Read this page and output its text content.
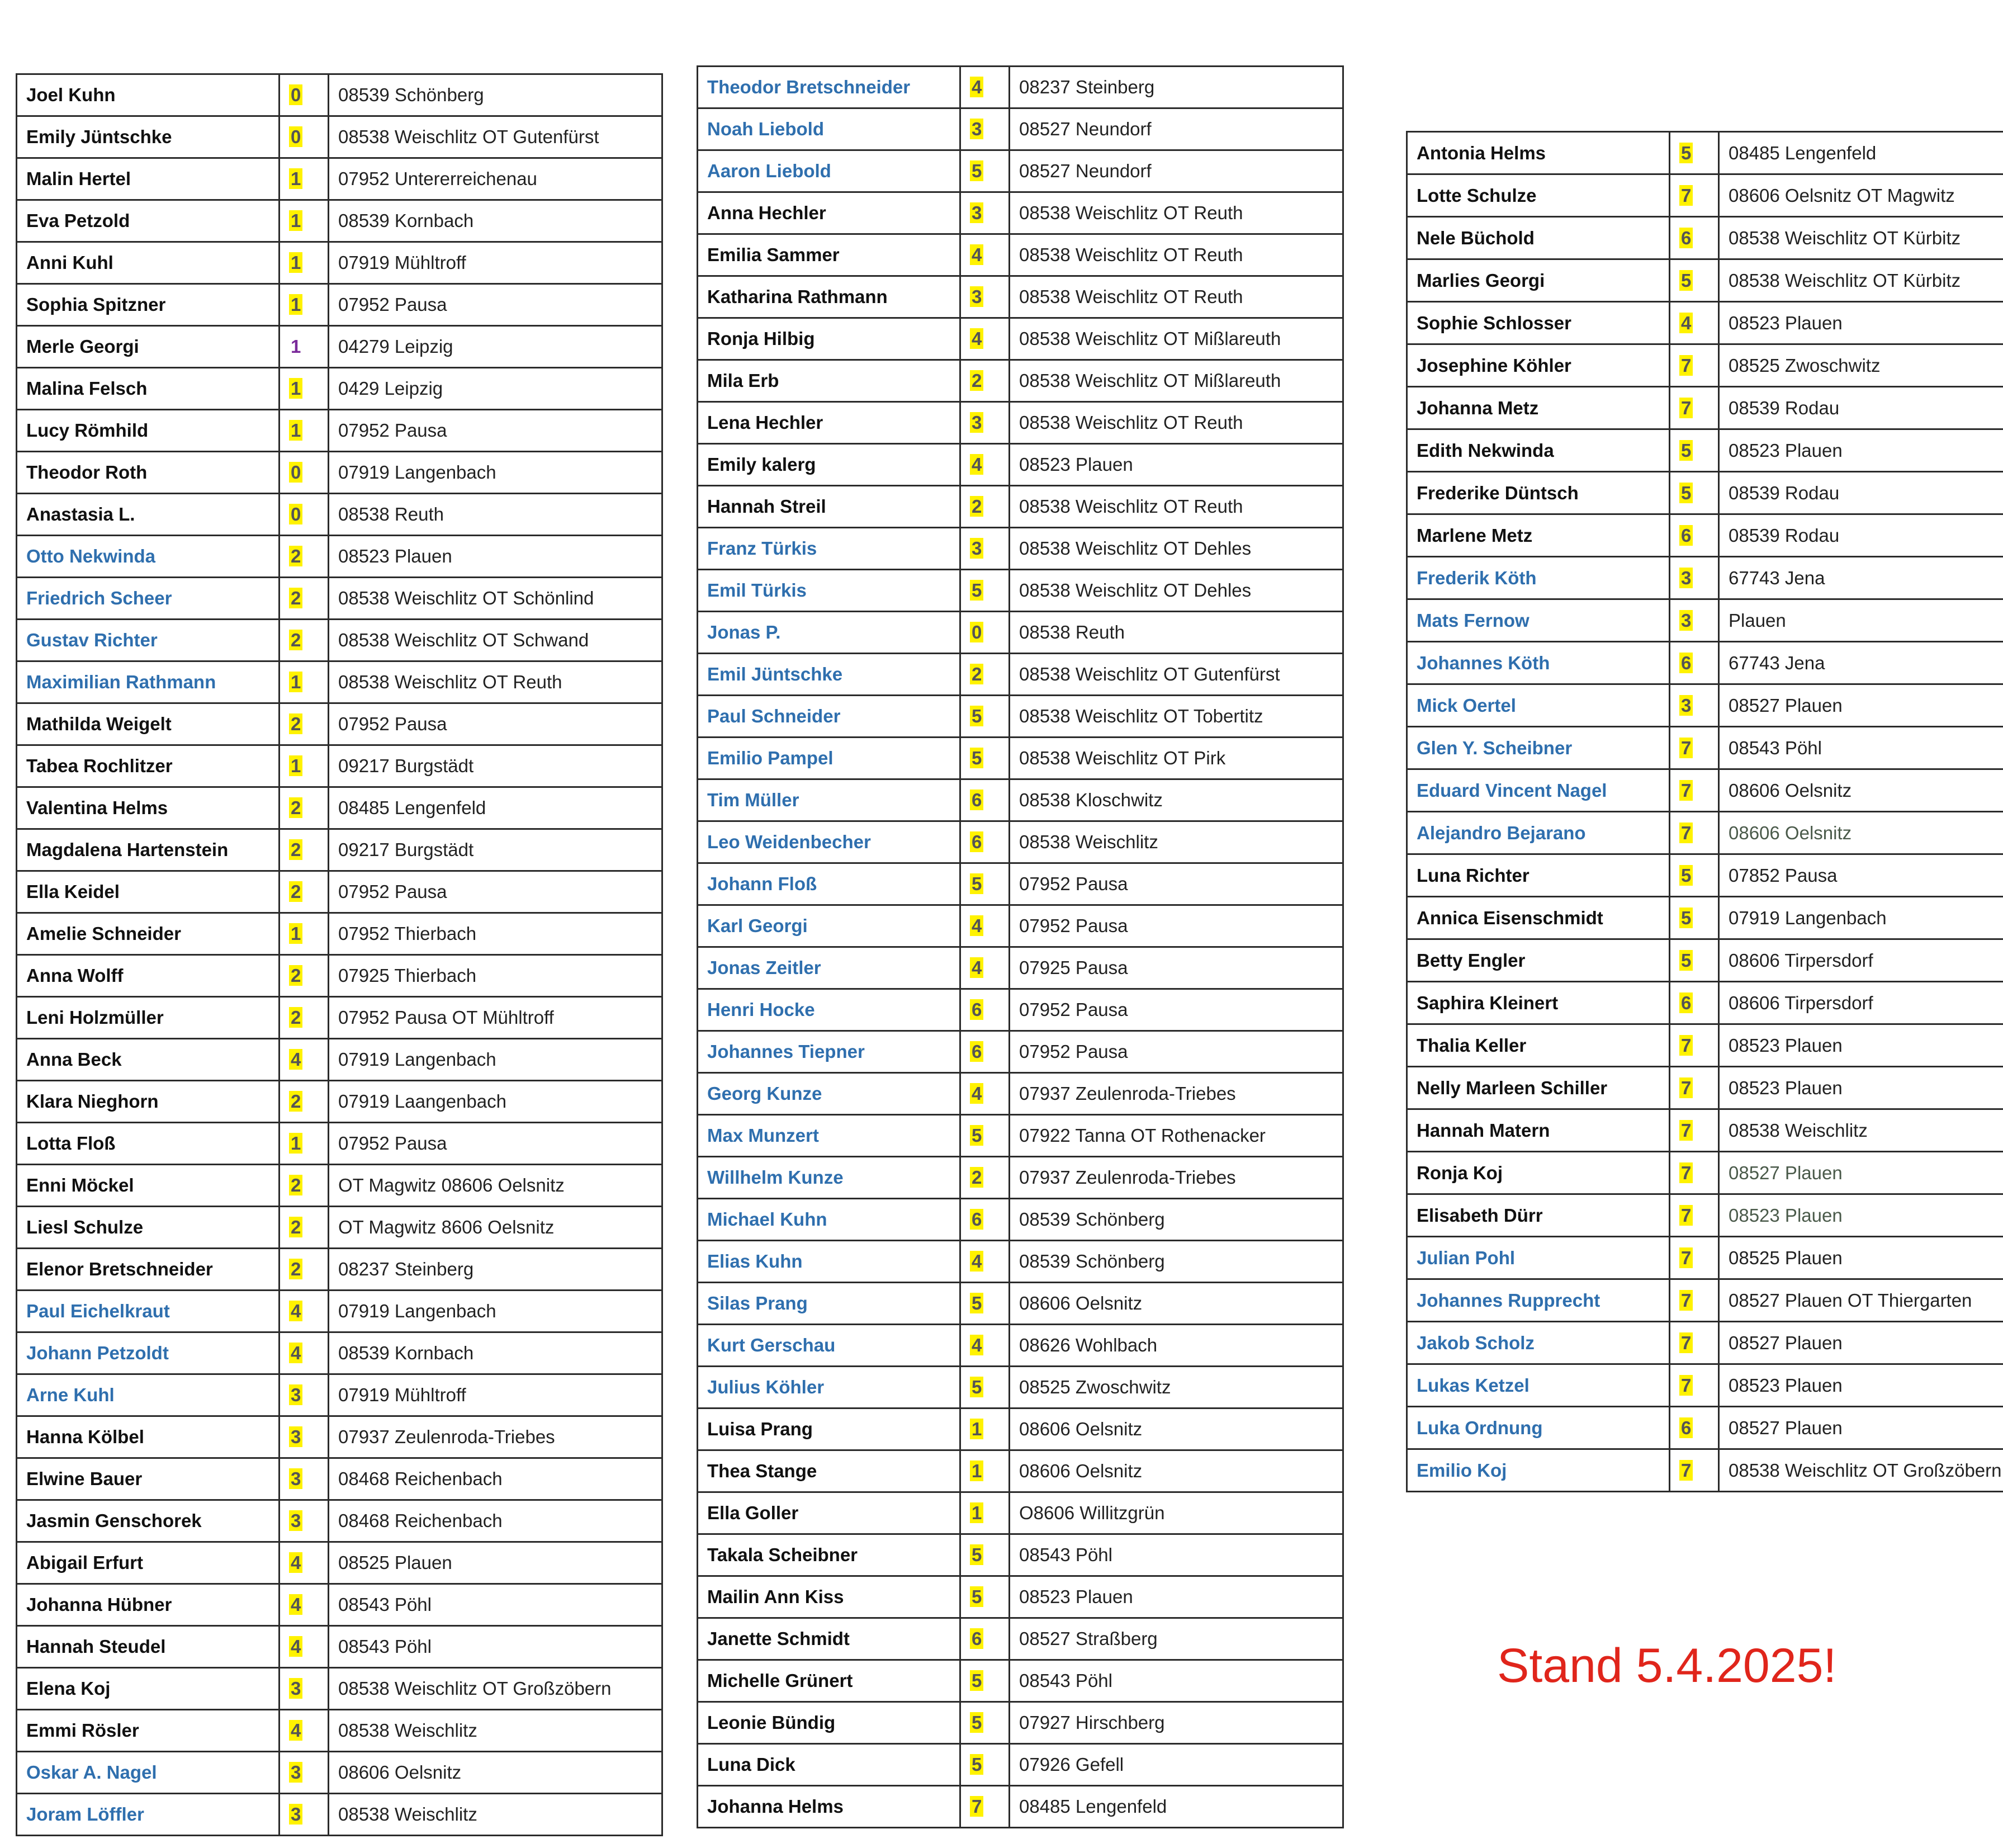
Joel Kuhn	0	08539 Schönberg
Emily Jüntschke	0	08538 Weischlitz OT Gutenfürst
Malin Hertel	1	07952 Untererreichenau
Eva Petzold	1	08539 Kornbach
Anni Kuhl	1	07919 Mühltroff
Sophia Spitzner	1	07952 Pausa
Merle Georgi	1	04279 Leipzig
Malina Felsch	1	0429 Leipzig
Lucy Römhild	1	07952 Pausa
Theodor Roth	0	07919 Langenbach
Anastasia L.	0	08538 Reuth
Otto Nekwinda	2	08523 Plauen
Friedrich Scheer	2	08538 Weischlitz OT Schönlind
Gustav Richter	2	08538 Weischlitz OT Schwand
Maximilian Rathmann	1	08538 Weischlitz OT Reuth
Mathilda Weigelt	2	07952 Pausa
Tabea Rochlitzer	1	09217 Burgstädt
Valentina Helms	2	08485 Lengenfeld
Magdalena Hartenstein	2	09217 Burgstädt
Ella Keidel	2	07952 Pausa
Amelie Schneider	1	07952 Thierbach
Anna Wolff	2	07925 Thierbach
Leni Holzmüller	2	07952 Pausa OT Mühltroff
Anna Beck	4	07919 Langenbach
Klara Nieghorn	2	07919 Laangenbach
Lotta Floß	1	07952 Pausa
Enni Möckel	2	OT Magwitz 08606 Oelsnitz
Liesl Schulze	2	OT Magwitz 8606 Oelsnitz
Elenor Bretschneider	2	08237 Steinberg
Paul Eichelkraut	4	07919 Langenbach
Johann Petzoldt	4	08539 Kornbach
Arne Kuhl	3	07919 Mühltroff
Hanna Kölbel	3	07937 Zeulenroda-Triebes
Elwine Bauer	3	08468 Reichenbach
Jasmin Genschorek	3	08468 Reichenbach
Abigail Erfurt	4	08525 Plauen
Johanna Hübner	4	08543 Pöhl
Hannah Steudel	4	08543 Pöhl
Elena Koj	3	08538 Weischlitz OT Großzöbern
Emmi Rösler	4	08538 Weischlitz
Oskar A. Nagel	3	08606 Oelsnitz
Joram Löffler	3	08538 Weischlitz
Theodor Bretschneider	4	08237 Steinberg
Noah Liebold	3	08527 Neundorf
Aaron Liebold	5	08527 Neundorf
Anna Hechler	3	08538 Weischlitz OT Reuth
Emilia Sammer	4	08538 Weischlitz OT Reuth
Katharina Rathmann	3	08538 Weischlitz OT Reuth
Ronja Hilbig	4	08538 Weischlitz OT Mißlareuth
Mila Erb	2	08538 Weischlitz OT Mißlareuth
Lena Hechler	3	08538 Weischlitz OT Reuth
Emily kalerg	4	08523 Plauen
Hannah Streil	2	08538 Weischlitz OT Reuth
Franz Türkis	3	08538 Weischlitz OT Dehles
Emil Türkis	5	08538 Weischlitz OT Dehles
Jonas P.	0	08538 Reuth
Emil Jüntschke	2	08538 Weischlitz OT Gutenfürst
Paul Schneider	5	08538 Weischlitz OT Tobertitz
Emilio Pampel	5	08538 Weischlitz OT Pirk
Tim Müller	6	08538 Kloschwitz
Leo Weidenbecher	6	08538 Weischlitz
Johann Floß	5	07952 Pausa
Karl Georgi	4	07952 Pausa
Jonas Zeitler	4	07925 Pausa
Henri Hocke	6	07952 Pausa
Johannes Tiepner	6	07952 Pausa
Georg Kunze	4	07937 Zeulenroda-Triebes
Max Munzert	5	07922 Tanna OT Rothenacker
Willhelm Kunze	2	07937 Zeulenroda-Triebes
Michael Kuhn	6	08539 Schönberg
Elias Kuhn	4	08539 Schönberg
Silas Prang	5	08606 Oelsnitz
Kurt Gerschau	4	08626 Wohlbach
Julius Köhler	5	08525 Zwoschwitz
Luisa Prang	1	08606 Oelsnitz
Thea Stange	1	08606 Oelsnitz
Ella Goller	1	O8606 Willitzgrün
Takala Scheibner	5	08543 Pöhl
Mailin Ann Kiss	5	08523 Plauen
Janette Schmidt	6	08527 Straßberg
Michelle Grünert	5	08543 Pöhl
Leonie Bündig	5	07927 Hirschberg
Luna Dick	5	07926 Gefell
Johanna Helms	7	08485 Lengenfeld
Antonia Helms	5	08485 Lengenfeld
Lotte Schulze	7	08606 Oelsnitz OT Magwitz
Nele Büchold	6	08538 Weischlitz OT Kürbitz
Marlies Georgi	5	08538 Weischlitz OT Kürbitz
Sophie Schlosser	4	08523 Plauen
Josephine Köhler	7	08525 Zwoschwitz
Johanna Metz	7	08539 Rodau
Edith Nekwinda	5	08523 Plauen
Frederike Düntsch	5	08539 Rodau
Marlene Metz	6	08539 Rodau
Frederik Köth	3	67743 Jena
Mats Fernow	3	Plauen
Johannes Köth	6	67743 Jena
Mick Oertel	3	08527 Plauen
Glen Y. Scheibner	7	08543 Pöhl
Eduard Vincent Nagel	7	08606 Oelsnitz
Alejandro Bejarano	7	08606 Oelsnitz
Luna Richter	5	07852 Pausa
Annica Eisenschmidt	5	07919 Langenbach
Betty Engler	5	08606 Tirpersdorf
Saphira Kleinert	6	08606 Tirpersdorf
Thalia Keller	7	08523 Plauen
Nelly Marleen Schiller	7	08523 Plauen
Hannah Matern	7	08538 Weischlitz
Ronja Koj	7	08527 Plauen
Elisabeth Dürr	7	08523 Plauen
Julian Pohl	7	08525 Plauen
Johannes Rupprecht	7	08527 Plauen OT Thiergarten
Jakob Scholz	7	08527 Plauen
Lukas Ketzel	7	08523 Plauen
Luka Ordnung	6	08527 Plauen
Emilio Koj	7	08538 Weischlitz OT Großzöbern
Stand 5.4.2025!
